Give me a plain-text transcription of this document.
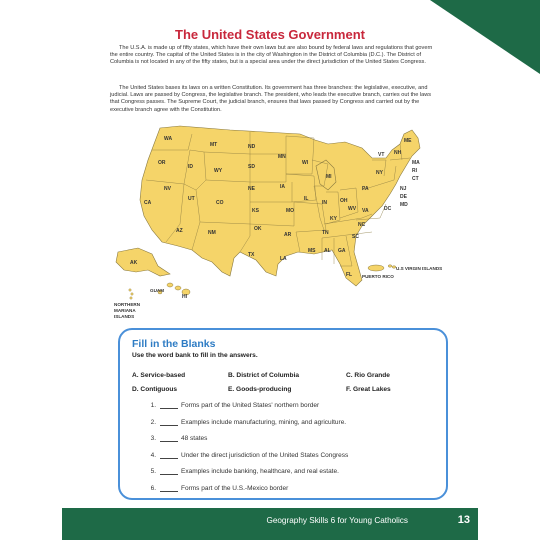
The United States Government

The U.S.A. is made up of fifty states, which have their own laws but are also bound by federal laws and regulations that govern the entire country. The capital of the United States is in the city of Washington in the District of Columbia (D.C.). The District of Columbia is not located in any of the fifty states, but is a special area under the direct jurisdiction of the United States Congress.

The United States bases its laws on a written Constitution. Its government has three branches: the legislative, executive, and judicial. Laws are passed by Congress, the legislative branch. The president, who leads the executive branch, carries out the laws that Congress passes. The Supreme Court, the judicial branch, ensures that laws passed by Congress and carried out by the executive branch agree with the Constitution.

WA
OR
CA
NV
ID
MT
WY
UT
AZ
CO
NM
ND
SD
NE
KS
OK
TX
MN
IA
MO
AR
LA
WI
IL
MI
IN	OH
KY
TN
MS AL GA
FL
SC
NC
VA
WV
PA
NY
VT NH
ME
MA
RI
CT
NJ
DE
MD
DC
AK
HI
GUAM
NORTHERN
MARIANA
ISLANDS
PUERTO RICO
U.S VIRGIN ISLANDS
Fill in the Blanks
Use the word bank to fill in the answers.
A. Service-based	B. District of Columbia	C. Rio Grande
D. Contiguous	E. Goods-producing	F. Great Lakes
1.	Forms part of the United States' northern border
2.	Examples include manufacturing, mining, and agriculture.
3.	48 states
4.	Under the direct jurisdiction of the United States Congress
5.	Examples include banking, healthcare, and real estate.
6.	Forms part of the U.S.-Mexico border
Geography Skills 6 for Young Catholics	13
